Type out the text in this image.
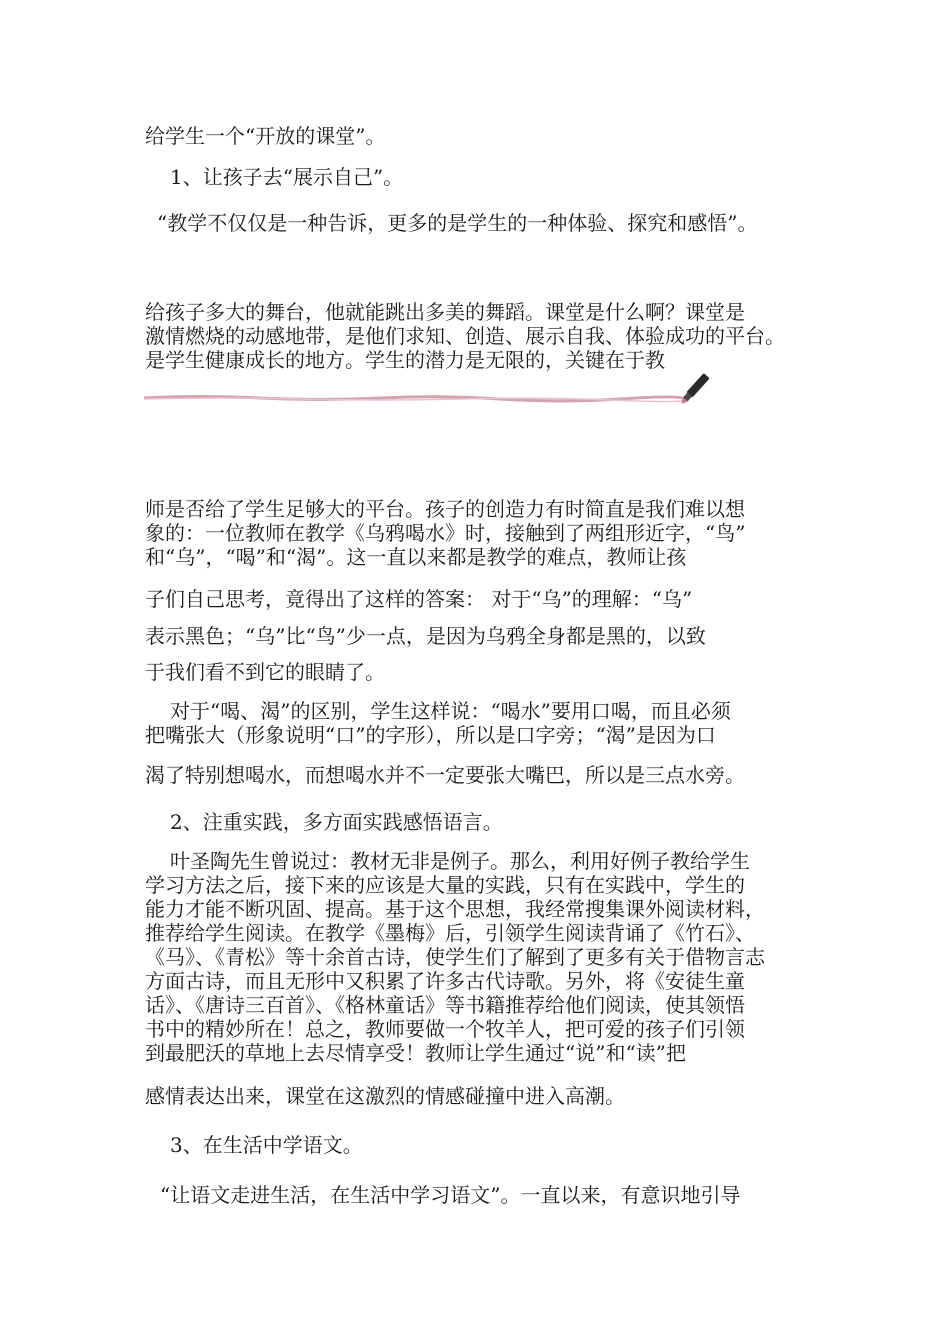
给学生一个“开放的课堂”。

1、让孩子去“展示自己”。

“教学不仅仅是一种告诉，更多的是学生的一种体验、探究和感悟”。

给孩子多大的舞台，他就能跳出多美的舞蹈。课堂是什么啊？课堂是

激情燃烧的动感地带，是他们求知、创造、展示自我、体验成功的平台。

是学生健康成长的地方。学生的潜力是无限的，关键在于教

师是否给了学生足够大的平台。孩子的创造力有时简直是我们难以想

象的：一位教师在教学《乌鸦喝水》时，接触到了两组形近字，“鸟”

和“乌”，“喝”和“渴”。这一直以来都是教学的难点，教师让孩

子们自己思考，竟得出了这样的答案： 对于“乌”的理解：“乌”

表示黑色；“乌”比“鸟”少一点，是因为乌鸦全身都是黑的，以致

于我们看不到它的眼睛了。

对于“喝、渴”的区别，学生这样说：“喝水”要用口喝，而且必须

把嘴张大（形象说明“口”的字形），所以是口字旁；“渴”是因为口

渴了特别想喝水，而想喝水并不一定要张大嘴巴，所以是三点水旁。

2、注重实践，多方面实践感悟语言。

叶圣陶先生曾说过：教材无非是例子。那么，利用好例子教给学生

学习方法之后，接下来的应该是大量的实践，只有在实践中，学生的

能力才能不断巩固、提高。基于这个思想，我经常搜集课外阅读材料，

推荐给学生阅读。在教学《墨梅》后，引领学生阅读背诵了《竹石》、

《马》、《青松》等十余首古诗，使学生们了解到了更多有关于借物言志

方面古诗，而且无形中又积累了许多古代诗歌。另外，将《安徒生童

话》、《唐诗三百首》、《格林童话》等书籍推荐给他们阅读，使其领悟

书中的精妙所在！总之，教师要做一个牧羊人，把可爱的孩子们引领

到最肥沃的草地上去尽情享受！教师让学生通过“说”和“读”把

感情表达出来，课堂在这激烈的情感碰撞中进入高潮。

3、在生活中学语文。

“让语文走进生活，在生活中学习语文”。一直以来，有意识地引导
